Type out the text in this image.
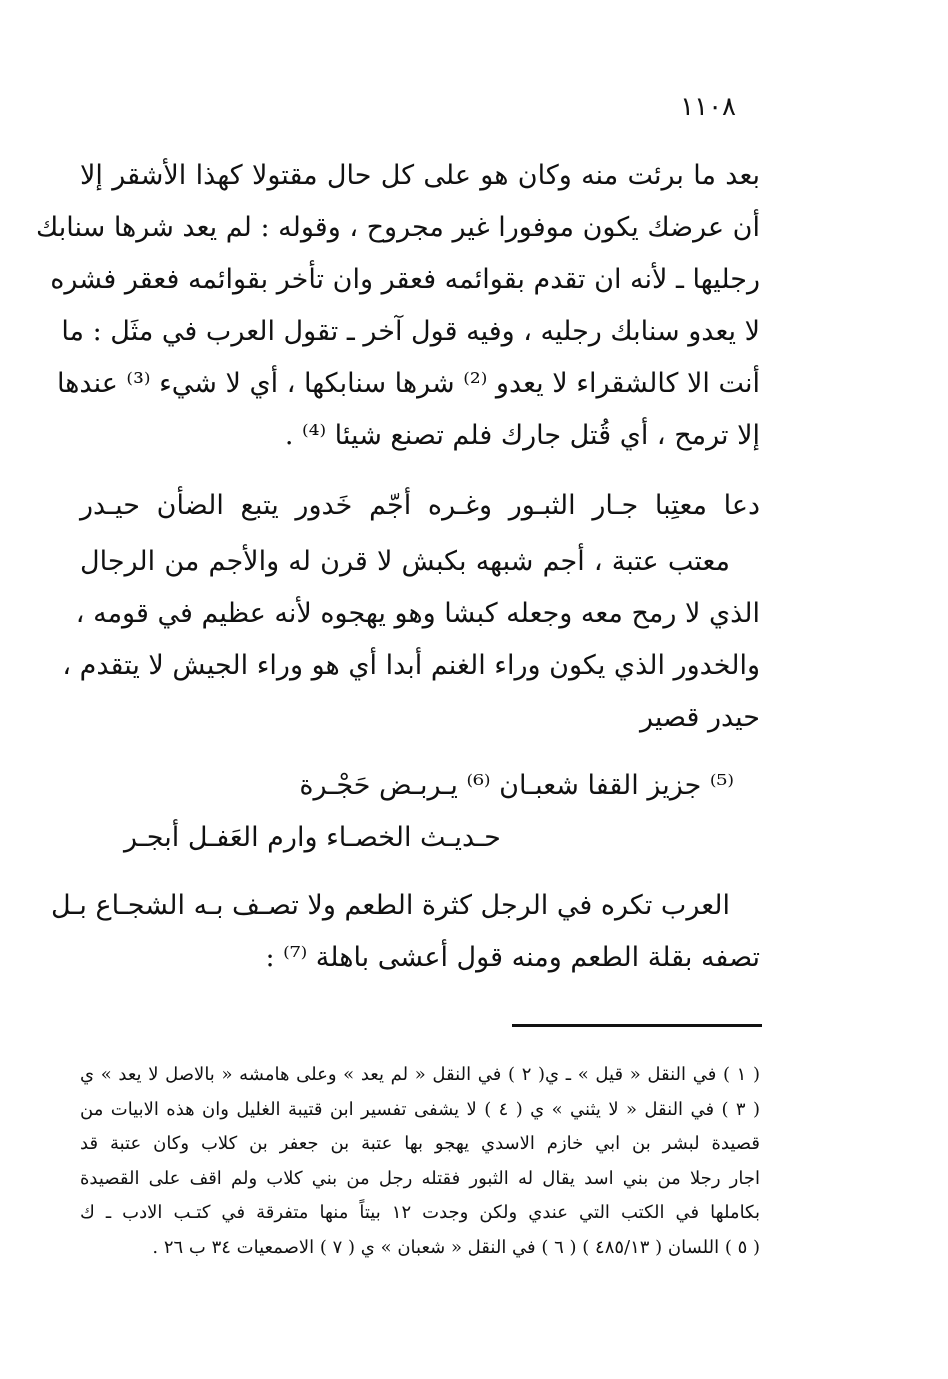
١١٠٨
بعد ما برئت منه وكان هو على كل حال مقتولا كهذا الأشقر إلا
أن عرضك يكون موفورا غير مجروح ، وقوله : لم يعد شرها سنابك
رجليها ـ لأنه ان تقدم بقوائمه فعقر وان تأخر بقوائمه فعقر فشره
لا يعدو سنابك رجليه ، وفيه قول آخر ـ تقول العرب في مثَل : ما
أنت الا كالشقراء لا يعدو ⁽²⁾ شرها سنابكها ، أي لا شيء ⁽³⁾ عندها
إلا ترمح ، أي قُتل جارك فلم تصنع شيئا ⁽⁴⁾ .
دعا معتِبا جـار الثبـور وغـره أجّم خَدور يتبع الضأن حيـدر
معتب عتبة ، أجم شبهه بكبش لا قرن له والأجم من الرجال
الذي لا رمح معه وجعله كبشا وهو يهجوه لأنه عظيم في قومه ،
والخدور الذي يكون وراء الغنم أبدا أي هو وراء الجيش لا يتقدم ،
حيدر قصير
⁽⁵⁾ جزيز القفا شعبـان ⁽⁶⁾ يـربـض حَجْـرة
حـديـث الخصـاء وارم العَفـل أبجـر
العرب تكره في الرجل كثرة الطعم ولا تصـف بـه الشجـاع بـل
تصفه بقلة الطعم ومنه قول أعشى باهلة ⁽⁷⁾ :
( ١ ) في النقل « قيل » ـ ي( ٢ ) في النقل « لم يعد » وعلى هامشه « بالاصل لا يعد » ي
( ٣ ) في النقل « لا يثني » ي ( ٤ ) لا يشفى تفسير ابن قتيبة الغليل وان هذه الابيات من
قصيدة لبشر بن ابي خازم الاسدي يهجو بها عتبة بن جعفر بن كلاب وكان عتبة قد
اجار رجلا من بني اسد يقال له الثبور فقتله رجل من بني كلاب ولم اقف على القصيدة
بكاملها في الكتب التي عندي ولكن وجدت ١٢ بيتاً منها متفرقة في كتـب الادب ـ ك
( ٥ ) اللسان ( ٤٨٥/١٣ ) ( ٦ ) في النقل « شعبان » ي ( ٧ ) الاصمعيات ٣٤ ب ٢٦ .
